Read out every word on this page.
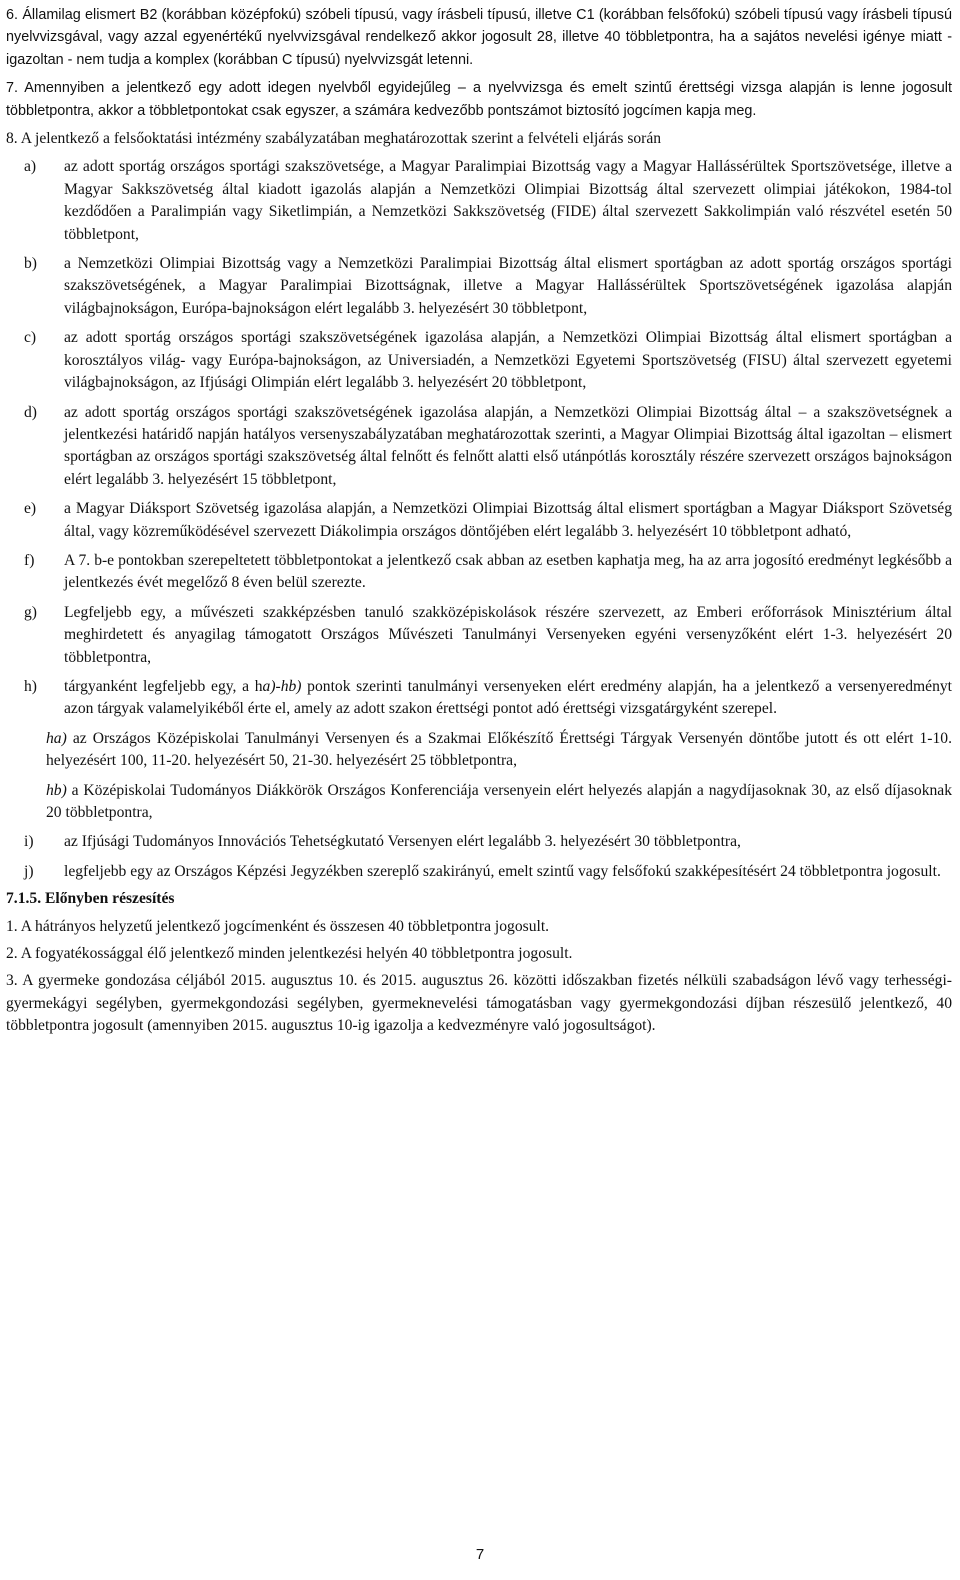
6. Államilag elismert B2 (korábban középfokú) szóbeli típusú, vagy írásbeli típusú, illetve C1 (korábban felsőfokú) szóbeli típusú vagy írásbeli típusú nyelvvizsgával, vagy azzal egyenértékű nyelvvizsgával rendelkező akkor jogosult 28, illetve 40 többletpontra, ha a sajátos nevelési igénye miatt - igazoltan - nem tudja a komplex (korábban C típusú) nyelvvizsgát letenni.

7. Amennyiben a jelentkező egy adott idegen nyelvből egyidejűleg – a nyelvvizsga és emelt szintű érettségi vizsga alapján is lenne jogosult többletpontra, akkor a többletpontokat csak egyszer, a számára kedvezőbb pontszámot biztosító jogcímen kapja meg.

8. A jelentkező a felsőoktatási intézmény szabályzatában meghatározottak szerint a felvételi eljárás során

a)	az adott sportág országos sportági szakszövetsége, a Magyar Paralimpiai Bizottság vagy a Magyar Hallássérültek Sportszövetsége, illetve a Magyar Sakkszövetség által kiadott igazolás alapján a Nemzetközi Olimpiai Bizottság által szervezett olimpiai játékokon, 1984-tol kezdődően a Paralimpián vagy Siketlimpián, a Nemzetközi Sakkszövetség (FIDE) által szervezett Sakkolimpián való részvétel esetén 50 többletpont,

b)	a Nemzetközi Olimpiai Bizottság vagy a Nemzetközi Paralimpiai Bizottság által elismert sportágban az adott sportág országos sportági szakszövetségének, a Magyar Paralimpiai Bizottságnak, illetve a Magyar Hallássérültek Sportszövetségének igazolása alapján világbajnokságon, Európa-bajnokságon elért legalább 3. helyezésért 30 többletpont,

c)	az adott sportág országos sportági szakszövetségének igazolása alapján, a Nemzetközi Olimpiai Bizottság által elismert sportágban a korosztályos világ- vagy Európa-bajnokságon, az Universiadén, a Nemzetközi Egyetemi Sportszövetség (FISU) által szervezett egyetemi világbajnokságon, az Ifjúsági Olimpián elért legalább 3. helyezésért 20 többletpont,

d)	az adott sportág országos sportági szakszövetségének igazolása alapján, a Nemzetközi Olimpiai Bizottság által – a szakszövetségnek a jelentkezési határidő napján hatályos versenyszabályzatában meghatározottak szerinti, a Magyar Olimpiai Bizottság által igazoltan – elismert sportágban az országos sportági szakszövetség által felnőtt és felnőtt alatti első utánpótlás korosztály részére szervezett országos bajnokságon elért legalább 3. helyezésért 15 többletpont,

e)	a Magyar Diáksport Szövetség igazolása alapján, a Nemzetközi Olimpiai Bizottság által elismert sportágban a Magyar Diáksport Szövetség által, vagy közreműködésével szervezett Diákolimpia országos döntőjében elért legalább 3. helyezésért 10 többletpont adható,

f)	A 7. b-e pontokban szerepeltetett többletpontokat a jelentkező csak abban az esetben kaphatja meg, ha az arra jogosító eredményt legkésőbb a jelentkezés évét megelőző 8 éven belül szerezte.

g)	Legfeljebb egy, a művészeti szakképzésben tanuló szakközépiskolások részére szervezett, az Emberi erőforrások Minisztérium által meghirdetett és anyagilag támogatott Országos Művészeti Tanulmányi Versenyeken egyéni versenyzőként elért 1-3. helyezésért 20 többletpontra,

h)	tárgyanként legfeljebb egy, a ha)-hb) pontok szerinti tanulmányi versenyeken elért eredmény alapján, ha a jelentkező a versenyeredményt azon tárgyak valamelyikéből érte el, amely az adott szakon érettségi pontot adó érettségi vizsgatárgyként szerepel.

ha) az Országos Középiskolai Tanulmányi Versenyen és a Szakmai Előkészítő Érettségi Tárgyak Versenyén döntőbe jutott és ott elért 1-10. helyezésért 100, 11-20. helyezésért 50, 21-30. helyezésért 25 többletpontra,

hb) a Középiskolai Tudományos Diákkörök Országos Konferenciája versenyein elért helyezés alapján a nagydíjasoknak 30, az első díjasoknak 20 többletpontra,

i)	az Ifjúsági Tudományos Innovációs Tehetségkutató Versenyen elért legalább 3. helyezésért 30 többletpontra,

j)	legfeljebb egy az Országos Képzési Jegyzékben szereplő szakirányú, emelt szintű vagy felsőfokú szakképesítésért 24 többletpontra jogosult.

7.1.5. Előnyben részesítés

1. A hátrányos helyzetű jelentkező jogcímenként és összesen 40 többletpontra jogosult.

2. A fogyatékossággal élő jelentkező minden jelentkezési helyén 40 többletpontra jogosult.

3. A gyermeke gondozása céljából 2015. augusztus 10. és 2015. augusztus 26. közötti időszakban fizetés nélküli szabadságon lévő vagy terhességi-gyermekágyi segélyben, gyermekgondozási segélyben, gyermeknevelési támogatásban vagy gyermekgondozási díjban részesülő jelentkező, 40 többletpontra jogosult (amennyiben 2015. augusztus 10-ig igazolja a kedvezményre való jogosultságot).

7
